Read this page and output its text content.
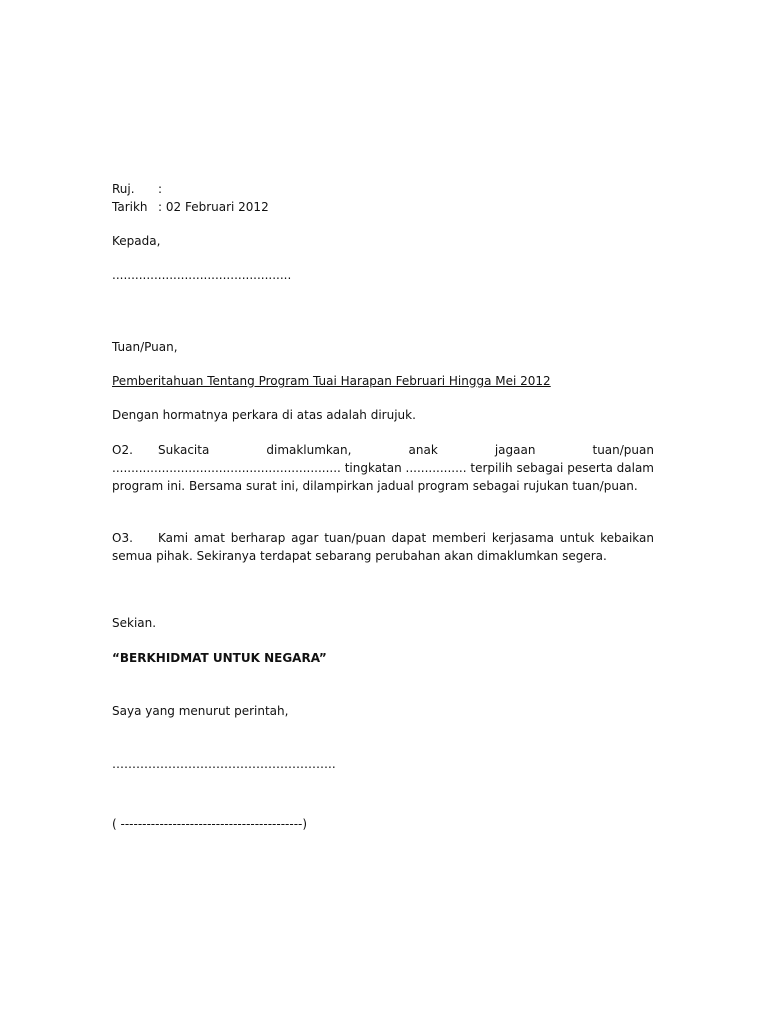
Ruj. :
Tarikh : 02 Februari 2012
Kepada,
...............................................
Tuan/Puan,
Pemberitahuan Tentang Program Tuai Harapan Februari Hingga Mei 2012
Dengan hormatnya perkara di atas adalah dirujuk.
O2. Sukacita dimaklumkan, anak jagaan tuan/puan ............................................................ tingkatan ................ terpilih sebagai peserta dalam program ini. Bersama surat ini, dilampirkan jadual program sebagai rujukan tuan/puan.
O3. Kami amat berharap agar tuan/puan dapat memberi kerjasama untuk kebaikan semua pihak. Sekiranya terdapat sebarang perubahan akan dimaklumkan segera.
Sekian.
“BERKHIDMAT UNTUK NEGARA”
Saya yang menurut perintah,
………………………………………………..
( ------------------------------------------)
